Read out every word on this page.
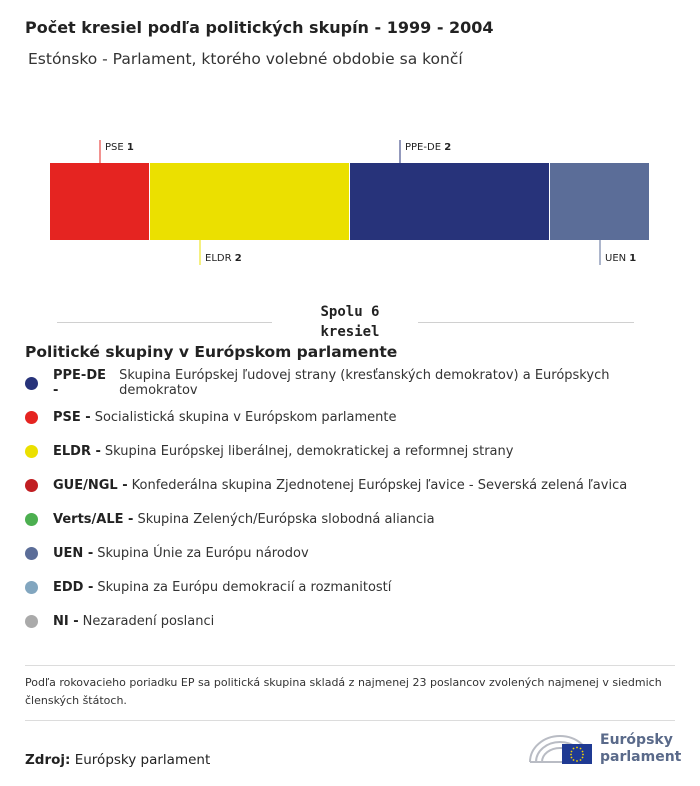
Počet kresiel podľa politických skupín - 1999 - 2004
Estónsko - Parlament, ktorého volebné obdobie sa končí
PSE 1
ELDR 2
PPE-DE 2
UEN 1
Spolu 6 kresiel
Politické skupiny v Európskom parlamente
PPE-DE -
Skupina Európskej ľudovej strany (kresťanských demokratov) a Európskych demokratov
PSE - Socialistická skupina v Európskom parlamente
ELDR - Skupina Európskej liberálnej, demokratickej a reformnej strany
GUE/NGL - Konfederálna skupina Zjednotenej Európskej ľavice - Severská zelená ľavica
Verts/ALE - Skupina Zelených/Európska slobodná aliancia
UEN - Skupina Únie za Európu národov
EDD - Skupina za Európu demokracií a rozmanitostí
NI - Nezaradení poslanci
Podľa rokovacieho poriadku EP sa politická skupina skladá z najmenej 23 poslancov zvolených najmenej v siedmich členských štátoch.
Zdroj: Európsky parlament
Európsky
parlament
